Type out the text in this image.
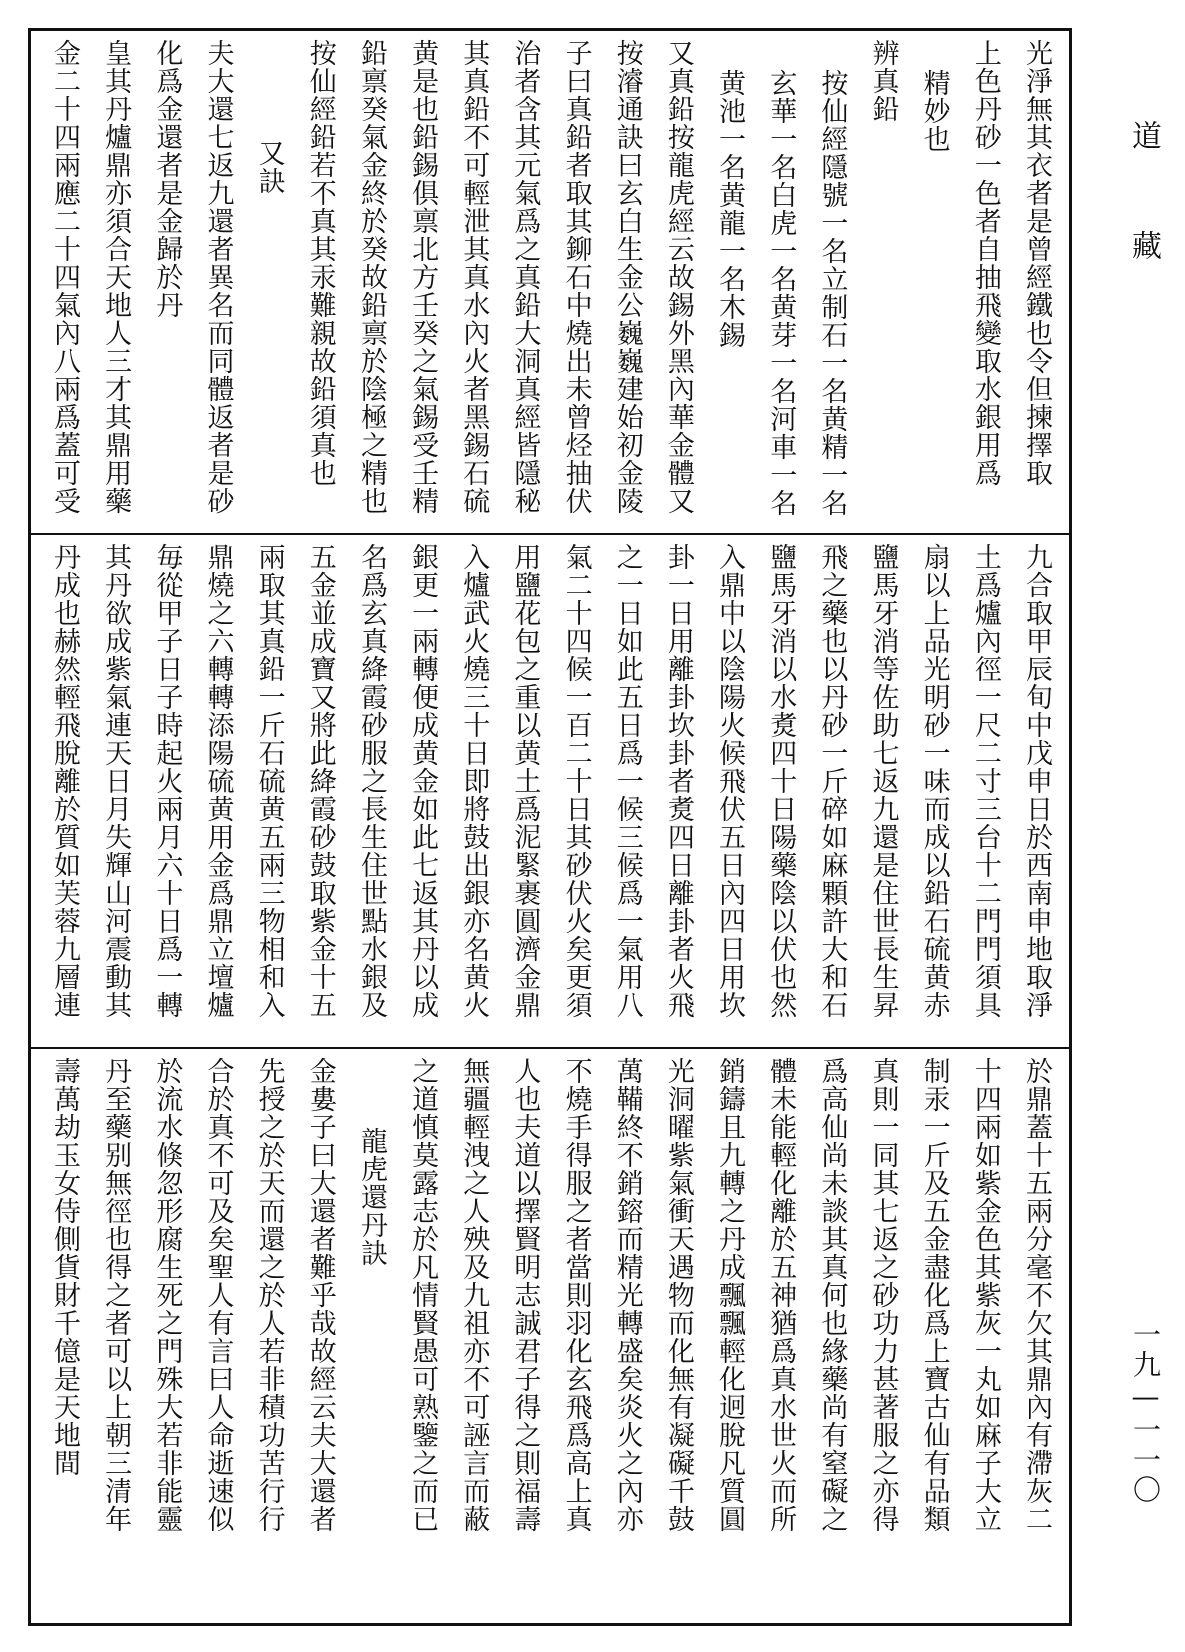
道
藏
一九—一一〇
光淨無其衣者是曾經鐵也令但揀擇取
上色丹砂一色者自抽飛變取水銀用爲
精妙也
辨真鉛
按仙經隱號一名立制石一名黄精一名
玄華一名白虎一名黄芽一名河車一名
黄池一名黄龍一名木錫
又真鉛按龍虎經云故錫外黑內華金體又
按濬通訣曰玄白生金公巍巍建始初金陵
子曰真鉛者取其鉚石中燒出未曾烃抽伏
治者含其元氣爲之真鉛大洞真經皆隱秘
其真鉛不可輕泄其真水內火者黑錫石硫
黄是也鉛錫俱禀北方壬癸之氣錫受壬精
鉛禀癸氣金終於癸故鉛禀於陰極之精也
按仙經鉛若不真其汞難親故鉛須真也
又訣
夫大還七返九還者異名而同體返者是砂
化爲金還者是金歸於丹
皇其丹爐鼎亦須合天地人三才其鼎用藥
金二十四兩應二十四氣內八兩爲蓋可受
九合取甲辰旬中戊申日於西南申地取淨
土爲爐內徑一尺二寸三台十二門門須具
扇以上品光明砂一味而成以鉛石硫黄赤
鹽馬牙消等佐助七返九還是住世長生昇
飛之藥也以丹砂一斤碎如麻顆許大和石
鹽馬牙消以水煑四十日陽藥陰以伏也然
入鼎中以陰陽火候飛伏五日內四日用坎
卦一日用離卦坎卦者煑四日離卦者火飛
之一日如此五日爲一候三候爲一氣用八
氣二十四候一百二十日其砂伏火矣更須
用鹽花包之重以黄土爲泥緊裹圓濟金鼎
入爐武火燒三十日即將鼓出銀亦名黄火
銀更一兩轉便成黄金如此七返其丹以成
名爲玄真絳霞砂服之長生住世點水銀及
五金並成寶又將此絳霞砂鼓取紫金十五
兩取其真鉛一斤石硫黄五兩三物相和入
鼎燒之六轉轉添陽硫黄用金爲鼎立壇爐
毎從甲子日子時起火兩月六十日爲一轉
其丹欲成紫氣連天日月失輝山河震動其
丹成也赫然輕飛脫離於質如芙蓉九層連
於鼎蓋十五兩分毫不欠其鼎內有滯灰二
十四兩如紫金色其紫灰一丸如麻子大立
制汞一斤及五金盡化爲上寶古仙有品類
真則一同其七返之砂功力甚著服之亦得
爲高仙尚未談其真何也緣藥尚有窒礙之
體未能輕化離於五神猶爲真水世火而所
銷鑄且九轉之丹成飄飄輕化迥脫凡質圓
光洞曜紫氣衝天遇物而化無有凝礙千鼓
萬鞴終不銷鎔而精光轉盛矣炎火之內亦
不燒手得服之者當則羽化玄飛爲高上真
人也夫道以擇賢明志誠君子得之則福壽
無疆輕洩之人殃及九祖亦不可誣言而蔽
之道慎莫露志於凡情賢愚可熟鑒之而已
龍虎還丹訣
金婁子曰大還者難乎哉故經云夫大還者
先授之於天而還之於人若非積功苦行行
合於真不可及矣聖人有言曰人命逝速似
於流水倏忽形腐生死之門殊大若非能靈
丹至藥别無徑也得之者可以上朝三清年
壽萬劫玉女侍側貨財千億是天地間
